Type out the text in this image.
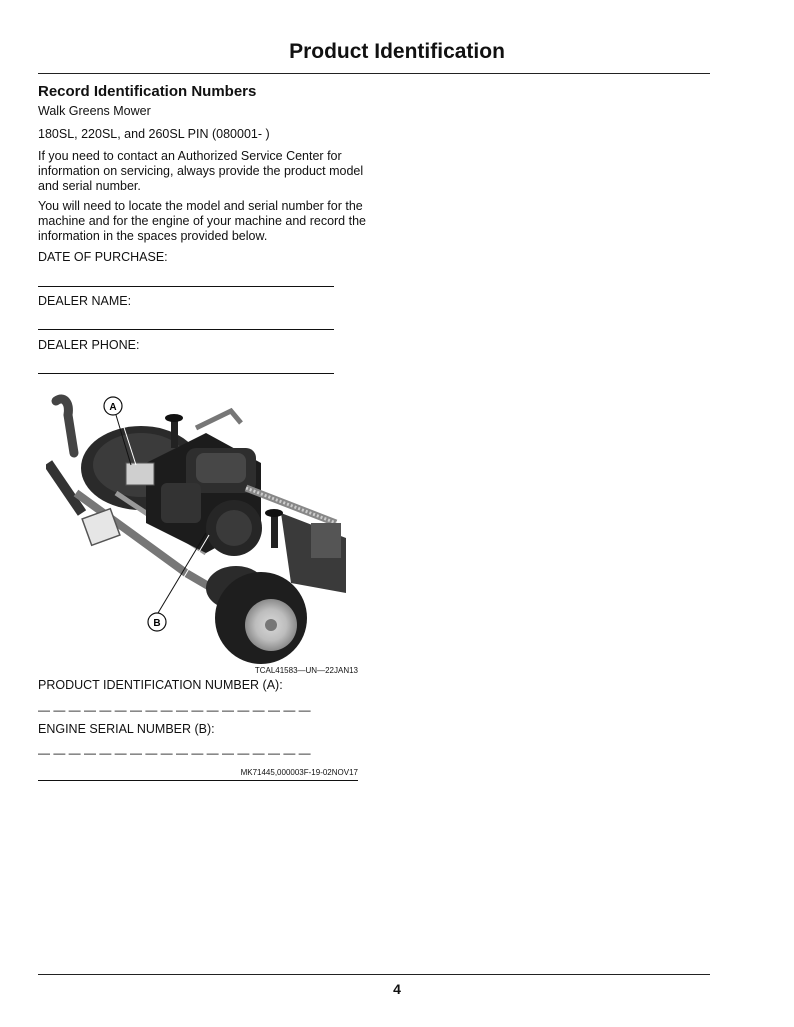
Product Identification
Record Identification Numbers
Walk Greens Mower
180SL, 220SL, and 260SL PIN (080001- )
If you need to contact an Authorized Service Center for information on servicing, always provide the product model and serial number.
You will need to locate the model and serial number for the machine and for the engine of your machine and record the information in the spaces provided below.
DATE OF PURCHASE:
DEALER NAME:
DEALER PHONE:
A
B
TCAL41583—UN—22JAN13
PRODUCT IDENTIFICATION NUMBER (A):
— — — — — — — — — — — — — — — — — —
ENGINE SERIAL NUMBER (B):
— — — — — — — — — — — — — — — — — —
MK71445,000003F-19-02NOV17
4
